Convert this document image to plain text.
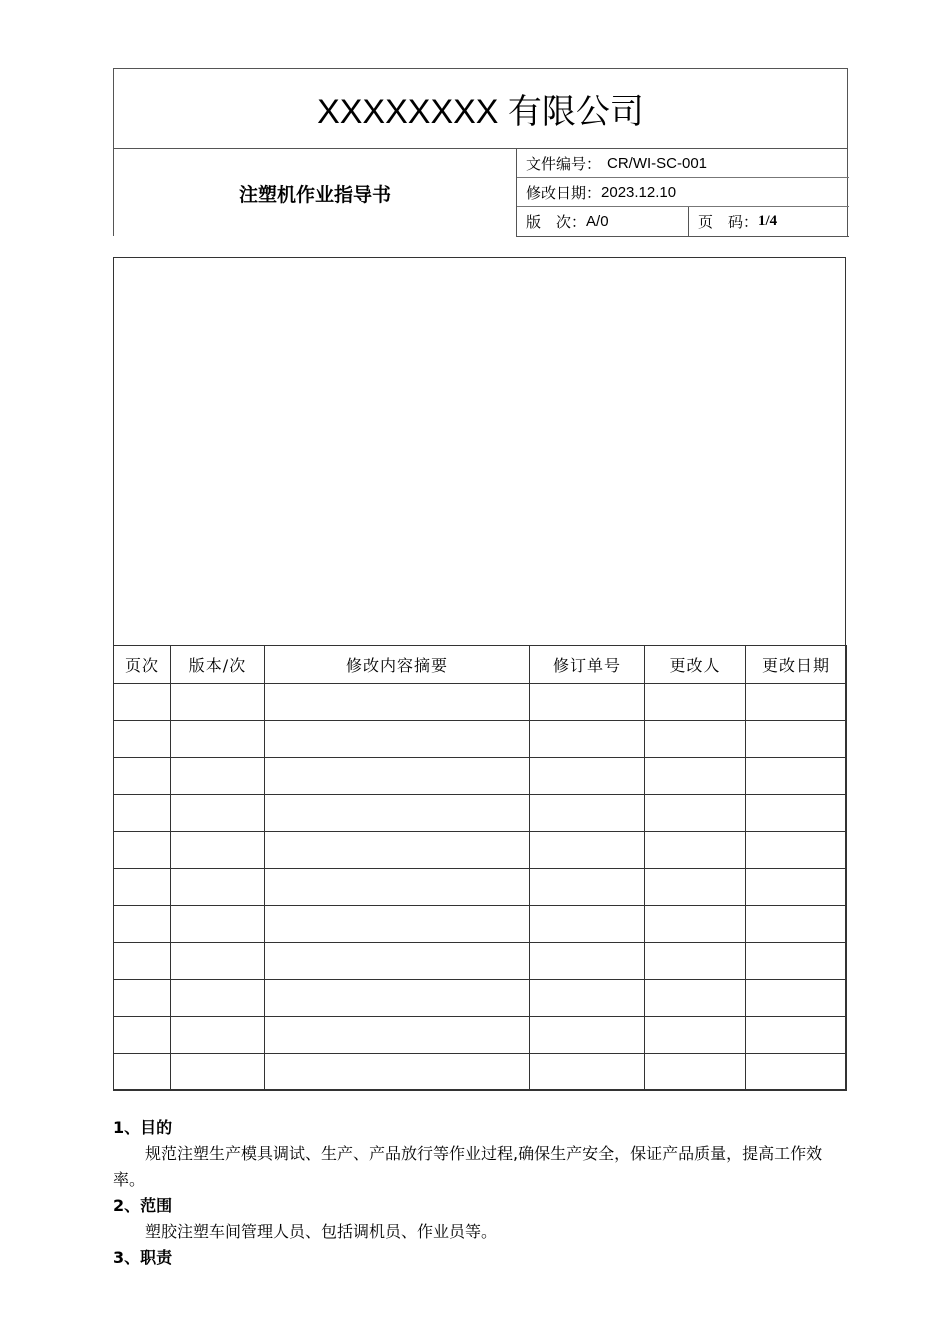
XXXXXXXX 有限公司
注塑机作业指导书
文件编号： CR/WI-SC-001
修改日期： 2023.12.10
版　次： A/0	页　码： 1/4
页次	版本/次	修改内容摘要	修订单号	更改人	更改日期

1、目的

规范注塑生产模具调试、生产、产品放行等作业过程,确保生产安全，保证产品质量，提高工作效率。

2、范围

塑胶注塑车间管理人员、包括调机员、作业员等。

3、职责
